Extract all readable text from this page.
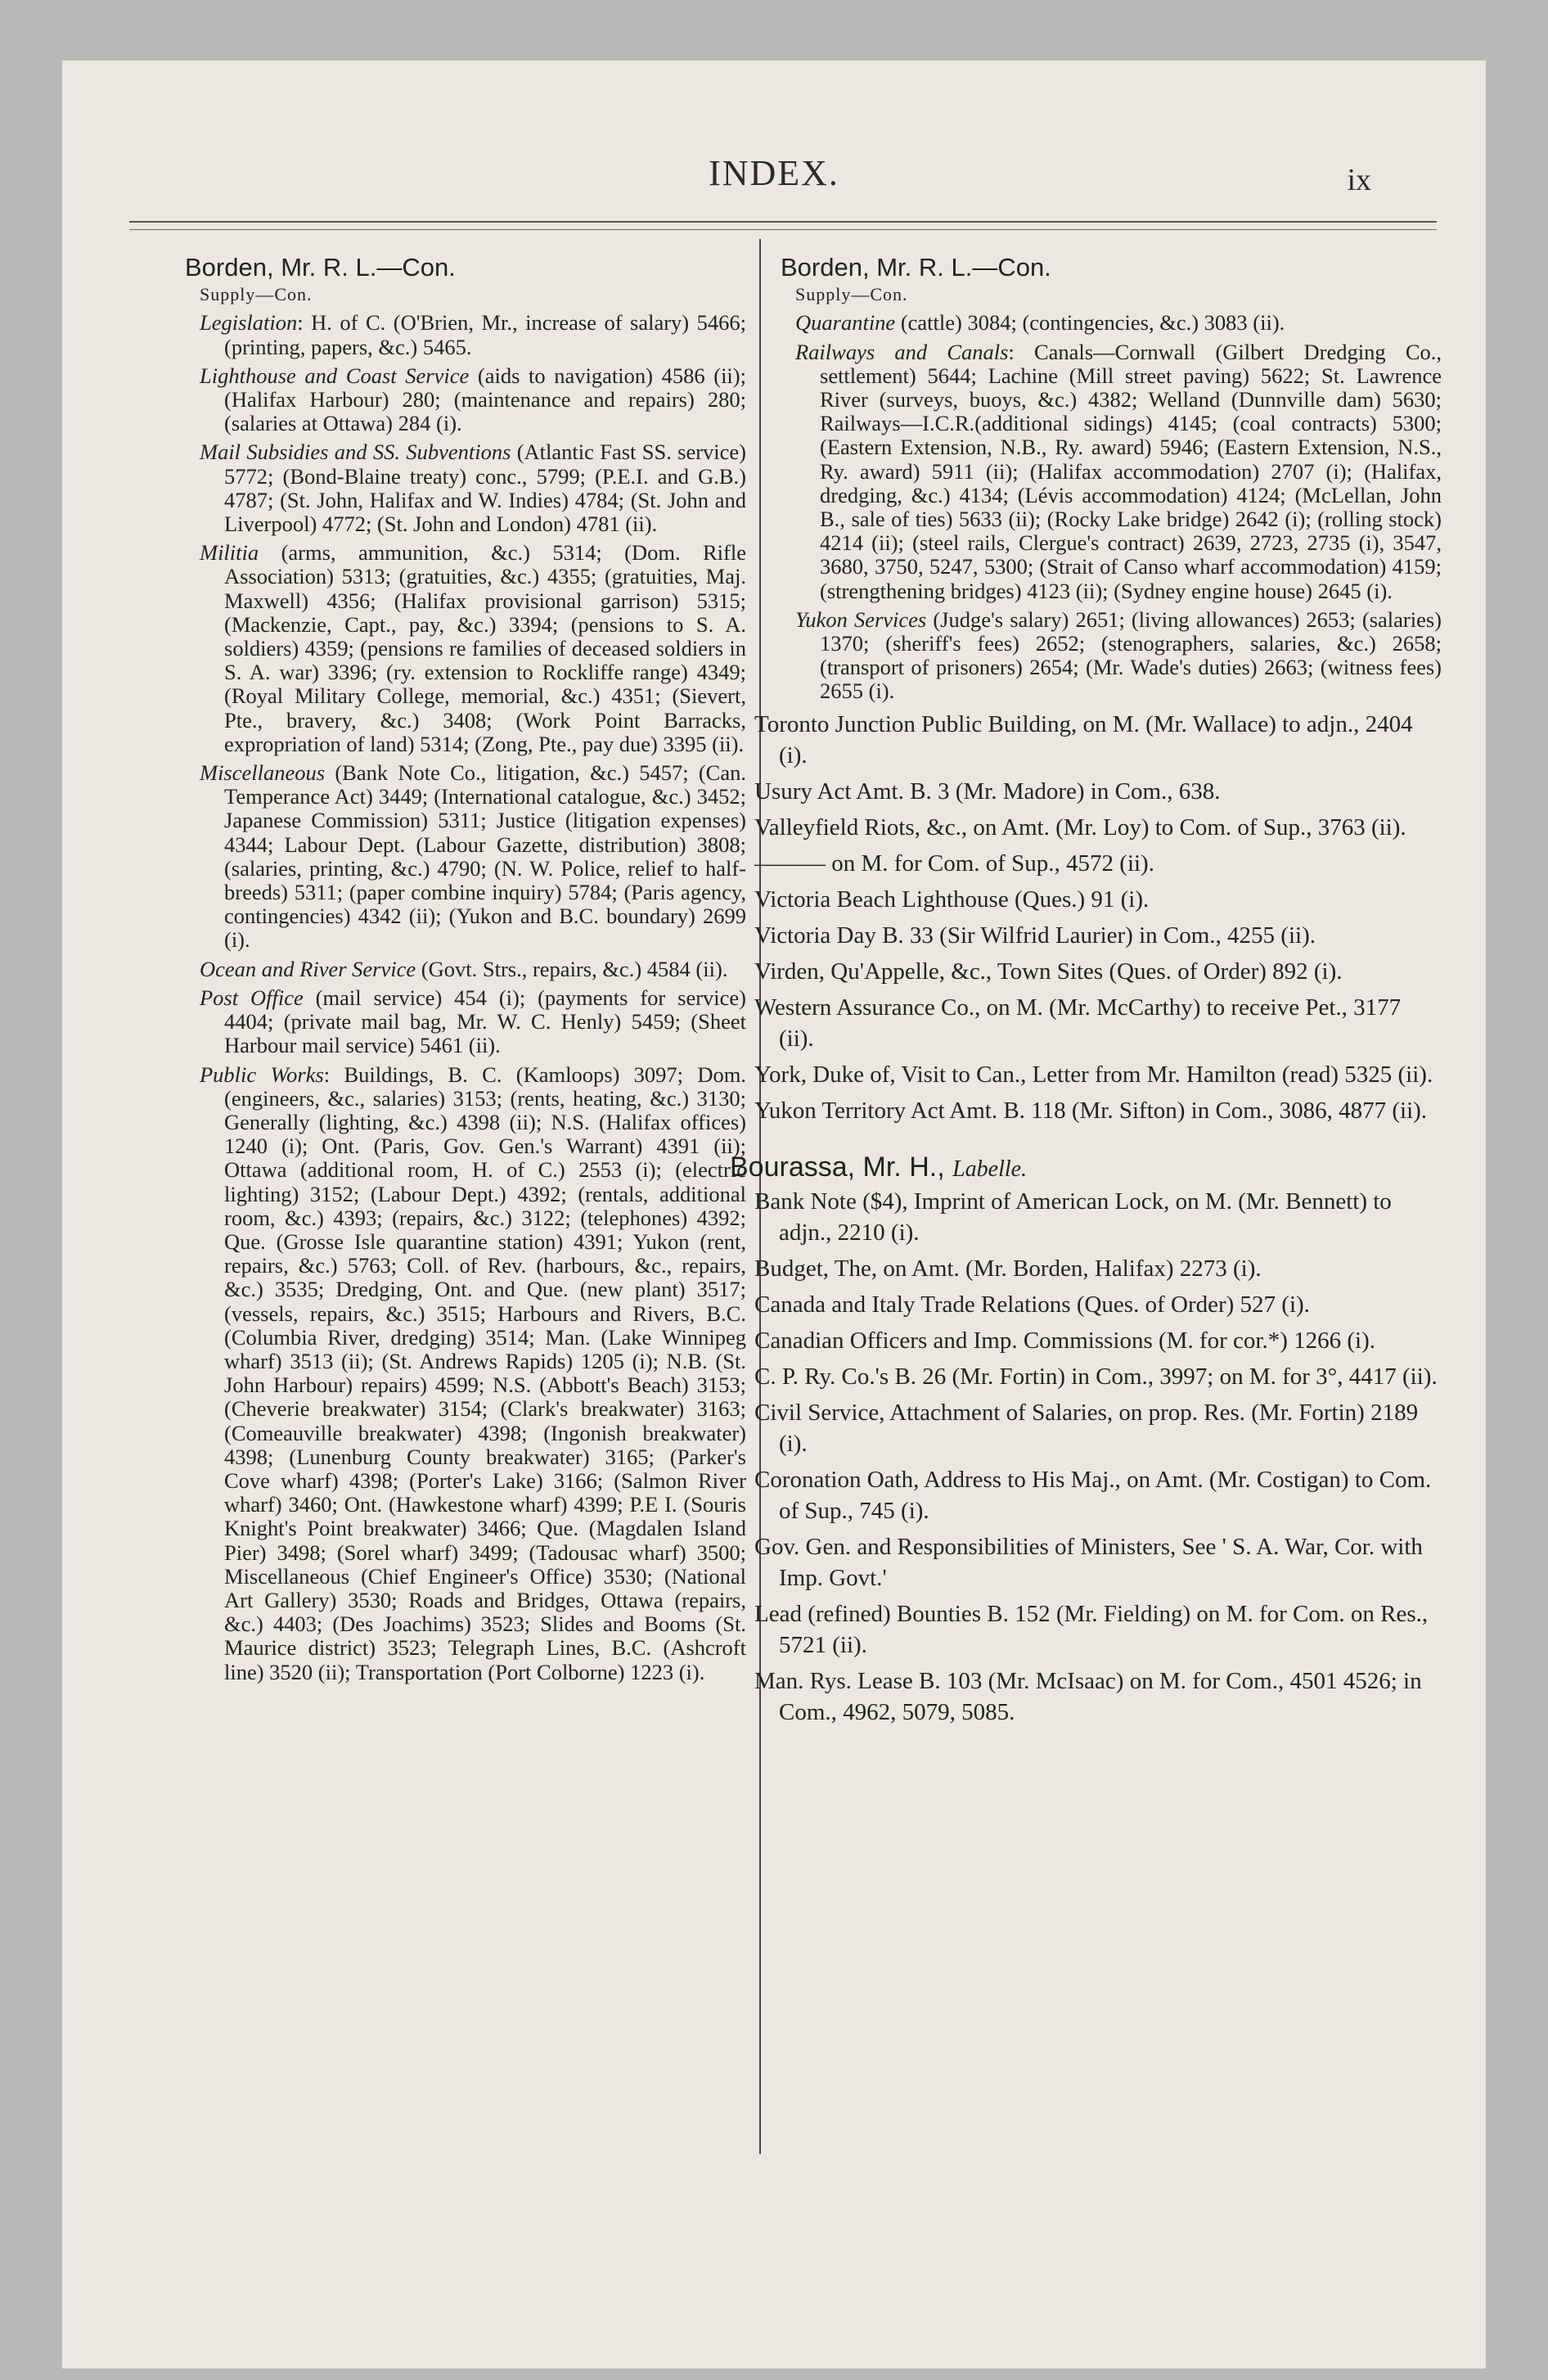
INDEX.	ix
Borden, Mr. R. L.—Con.
Supply—Con.
Legislation: H. of C. (O'Brien, Mr., increase of salary) 5466; (printing, papers, &c.) 5465.
Lighthouse and Coast Service (aids to navigation) 4586 (ii); (Halifax Harbour) 280; (maintenance and repairs) 280; (salaries at Ottawa) 284 (i).
Mail Subsidies and SS. Subventions (Atlantic Fast SS. service) 5772; (Bond-Blaine treaty) conc., 5799; (P.E.I. and G.B.) 4787; (St. John, Halifax and W. Indies) 4784; (St. John and Liverpool) 4772; (St. John and London) 4781 (ii).
Militia (arms, ammunition, &c.) 5314; (Dom. Rifle Association) 5313; (gratuities, &c.) 4355; (gratuities, Maj. Maxwell) 4356; (Halifax provisional garrison) 5315; (Mackenzie, Capt., pay, &c.) 3394; (pensions to S. A. soldiers) 4359; (pensions re families of deceased soldiers in S. A. war) 3396; (ry. extension to Rockliffe range) 4349; (Royal Military College, memorial, &c.) 4351; (Sievert, Pte., bravery, &c.) 3408; (Work Point Barracks, expropriation of land) 5314; (Zong, Pte., pay due) 3395 (ii).
Miscellaneous (Bank Note Co., litigation, &c.) 5457; (Can. Temperance Act) 3449; (International catalogue, &c.) 3452; Japanese Commission) 5311; Justice (litigation expenses) 4344; Labour Dept. (Labour Gazette, distribution) 3808; (salaries, printing, &c.) 4790; (N. W. Police, relief to half-breeds) 5311; (paper combine inquiry) 5784; (Paris agency, contingencies) 4342 (ii); (Yukon and B.C. boundary) 2699 (i).
Ocean and River Service (Govt. Strs., repairs, &c.) 4584 (ii).
Post Office (mail service) 454 (i); (payments for service) 4404; (private mail bag, Mr. W. C. Henly) 5459; (Sheet Harbour mail service) 5461 (ii).
Public Works: Buildings, B. C. (Kamloops) 3097; Dom. (engineers, &c., salaries) 3153; (rents, heating, &c.) 3130; Generally (lighting, &c.) 4398 (ii); N.S. (Halifax offices) 1240 (i); Ont. (Paris, Gov. Gen.'s Warrant) 4391 (ii); Ottawa (additional room, H. of C.) 2553 (i); (electric lighting) 3152; (Labour Dept.) 4392; (rentals, additional room, &c.) 4393; (repairs, &c.) 3122; (telephones) 4392; Que. (Grosse Isle quarantine station) 4391; Yukon (rent, repairs, &c.) 5763; Coll. of Rev. (harbours, &c., repairs, &c.) 3535; Dredging, Ont. and Que. (new plant) 3517; (vessels, repairs, &c.) 3515; Harbours and Rivers, B.C. (Columbia River, dredging) 3514; Man. (Lake Winnipeg wharf) 3513 (ii); (St. Andrews Rapids) 1205 (i); N.B. (St. John Harbour) repairs) 4599; N.S. (Abbott's Beach) 3153; (Cheverie breakwater) 3154; (Clark's breakwater) 3163; (Comeauville breakwater) 4398; (Ingonish breakwater) 4398; (Lunenburg County breakwater) 3165; (Parker's Cove wharf) 4398; (Porter's Lake) 3166; (Salmon River wharf) 3460; Ont. (Hawkestone wharf) 4399; P.E I. (Souris Knight's Point breakwater) 3466; Que. (Magdalen Island Pier) 3498; (Sorel wharf) 3499; (Tadousac wharf) 3500; Miscellaneous (Chief Engineer's Office) 3530; (National Art Gallery) 3530; Roads and Bridges, Ottawa (repairs, &c.) 4403; (Des Joachims) 3523; Slides and Booms (St. Maurice district) 3523; Telegraph Lines, B.C. (Ashcroft line) 3520 (ii); Transportation (Port Colborne) 1223 (i).
Borden, Mr. R. L.—Con.
Supply—Con.
Quarantine (cattle) 3084; (contingencies, &c.) 3083 (ii).
Railways and Canals: Canals—Cornwall (Gilbert Dredging Co., settlement) 5644; Lachine (Mill street paving) 5622; St. Lawrence River (surveys, buoys, &c.) 4382; Welland (Dunnville dam) 5630; Railways—I.C.R.(additional sidings) 4145; (coal contracts) 5300; (Eastern Extension, N.B., Ry. award) 5946; (Eastern Extension, N.S., Ry. award) 5911 (ii); (Halifax accommodation) 2707 (i); (Halifax, dredging, &c.) 4134; (Lévis accommodation) 4124; (McLellan, John B., sale of ties) 5633 (ii); (Rocky Lake bridge) 2642 (i); (rolling stock) 4214 (ii); (steel rails, Clergue's contract) 2639, 2723, 2735 (i), 3547, 3680, 3750, 5247, 5300; (Strait of Canso wharf accommodation) 4159; (strengthening bridges) 4123 (ii); (Sydney engine house) 2645 (i).
Yukon Services (Judge's salary) 2651; (living allowances) 2653; (salaries) 1370; (sheriff's fees) 2652; (stenographers, salaries, &c.) 2658; (transport of prisoners) 2654; (Mr. Wade's duties) 2663; (witness fees) 2655 (i).
Toronto Junction Public Building, on M. (Mr. Wallace) to adjn., 2404 (i).
Usury Act Amt. B. 3 (Mr. Madore) in Com., 638.
Valleyfield Riots, &c., on Amt. (Mr. Loy) to Com. of Sup., 3763 (ii).
——— on M. for Com. of Sup., 4572 (ii).
Victoria Beach Lighthouse (Ques.) 91 (i).
Victoria Day B. 33 (Sir Wilfrid Laurier) in Com., 4255 (ii).
Virden, Qu'Appelle, &c., Town Sites (Ques. of Order) 892 (i).
Western Assurance Co., on M. (Mr. McCarthy) to receive Pet., 3177 (ii).
York, Duke of, Visit to Can., Letter from Mr. Hamilton (read) 5325 (ii).
Yukon Territory Act Amt. B. 118 (Mr. Sifton) in Com., 3086, 4877 (ii).
Bourassa, Mr. H., Labelle.
Bank Note ($4), Imprint of American Lock, on M. (Mr. Bennett) to adjn., 2210 (i).
Budget, The, on Amt. (Mr. Borden, Halifax) 2273 (i).
Canada and Italy Trade Relations (Ques. of Order) 527 (i).
Canadian Officers and Imp. Commissions (M. for cor.*) 1266 (i).
C. P. Ry. Co.'s B. 26 (Mr. Fortin) in Com., 3997; on M. for 3°, 4417 (ii).
Civil Service, Attachment of Salaries, on prop. Res. (Mr. Fortin) 2189 (i).
Coronation Oath, Address to His Maj., on Amt. (Mr. Costigan) to Com. of Sup., 745 (i).
Gov. Gen. and Responsibilities of Ministers, See ' S. A. War, Cor. with Imp. Govt.'
Lead (refined) Bounties B. 152 (Mr. Fielding) on M. for Com. on Res., 5721 (ii).
Man. Rys. Lease B. 103 (Mr. McIsaac) on M. for Com., 4501 4526; in Com., 4962, 5079, 5085.
